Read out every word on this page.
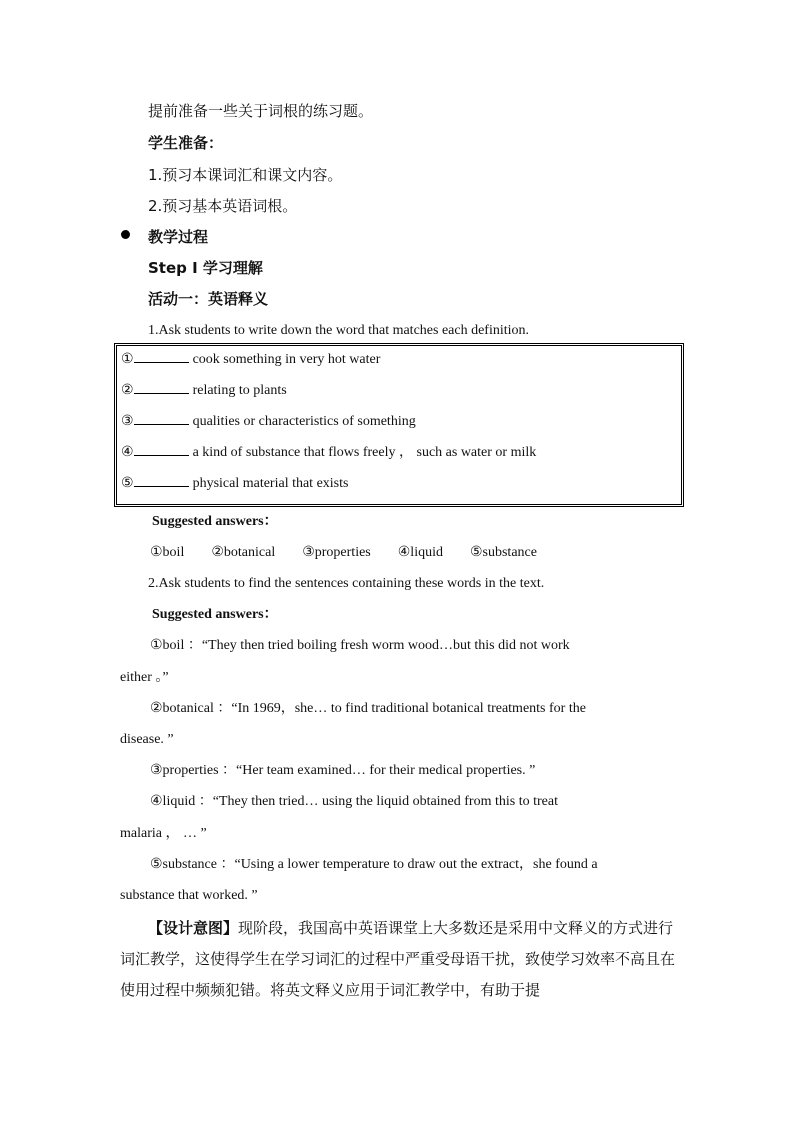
提前准备一些关于词根的练习题。
学生准备：
1.预习本课词汇和课文内容。
2.预习基本英语词根。
教学过程
Step Ⅰ 学习理解
活动一：英语释义
1.Ask students to write down the word that matches each definition.
①	cook something in very hot water
②	relating to plants
③	qualities or characteristics of something
④	a kind of substance that flows freely ， such as water or milk
⑤	physical material that exists
Suggested answers：
①boil ②botanical ③properties ④liquid ⑤substance
2.Ask students to find the sentences containing these words in the text.
Suggested answers：
①boil ：“They then tried boiling fresh worm wood…but this did not work
either 。”
②botanical ：“In 1969，she… to find traditional botanical treatments for the
disease. ”
③properties ：“Her team examined… for their medical properties. ”
④liquid ：“They then tried… using the liquid obtained from this to treat
malaria ， … ”
⑤substance ：“Using a lower temperature to draw out the extract，she found a
substance that worked. ”
【设计意图】现阶段，我国高中英语课堂上大多数还是采用中文释义的方式进行词汇教学，这使得学生在学习词汇的过程中严重受母语干扰，致使学习效率不高且在使用过程中频频犯错。将英文释义应用于词汇教学中，有助于提
